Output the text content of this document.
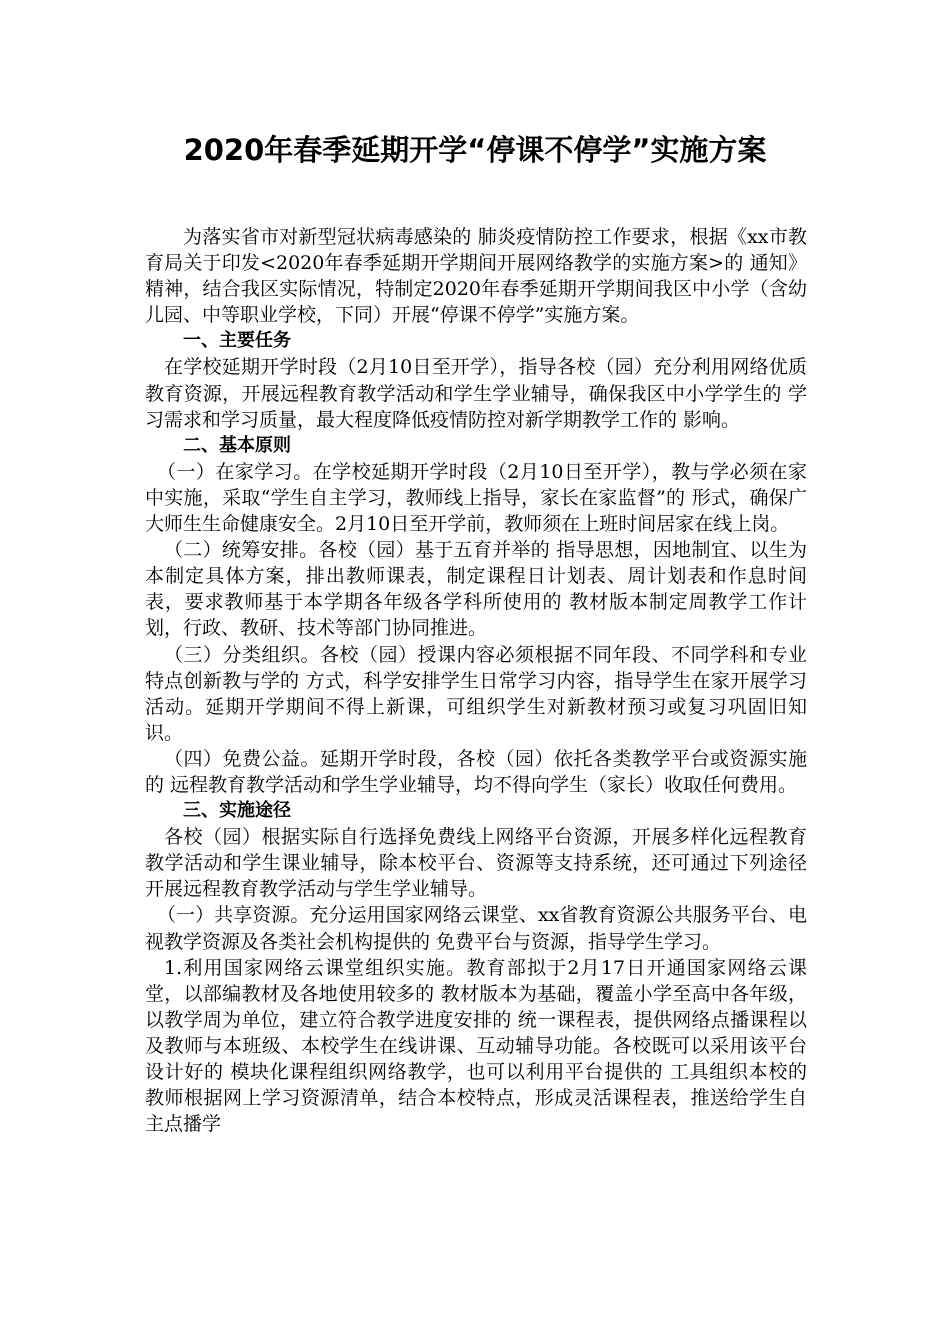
2020年春季延期开学“停课不停学”实施方案

为落实省市对新型冠状病毒感染的 肺炎疫情防控工作要求，根据《xx市教育局关于印发<2020年春季延期开学期间开展网络教学的实施方案>的 通知》精神，结合我区实际情况，特制定2020年春季延期开学期间我区中小学（含幼儿园、中等职业学校，下同）开展“停课不停学”实施方案。

一、主要任务

在学校延期开学时段（2月10日至开学），指导各校（园）充分利用网络优质教育资源，开展远程教育教学活动和学生学业辅导，确保我区中小学学生的 学习需求和学习质量，最大程度降低疫情防控对新学期教学工作的 影响。

二、基本原则

（一）在家学习。在学校延期开学时段（2月10日至开学），教与学必须在家中实施，采取“学生自主学习，教师线上指导，家长在家监督”的 形式，确保广大师生生命健康安全。2月10日至开学前，教师须在上班时间居家在线上岗。

（二）统筹安排。各校（园）基于五育并举的 指导思想，因地制宜、以生为本制定具体方案，排出教师课表，制定课程日计划表、周计划表和作息时间表，要求教师基于本学期各年级各学科所使用的 教材版本制定周教学工作计划，行政、教研、技术等部门协同推进。

（三）分类组织。各校（园）授课内容必须根据不同年段、不同学科和专业特点创新教与学的 方式，科学安排学生日常学习内容，指导学生在家开展学习活动。延期开学期间不得上新课，可组织学生对新教材预习或复习巩固旧知识。

（四）免费公益。延期开学时段，各校（园）依托各类教学平台或资源实施的 远程教育教学活动和学生学业辅导，均不得向学生（家长）收取任何费用。

三、实施途径

各校（园）根据实际自行选择免费线上网络平台资源，开展多样化远程教育教学活动和学生课业辅导，除本校平台、资源等支持系统，还可通过下列途径开展远程教育教学活动与学生学业辅导。

（一）共享资源。充分运用国家网络云课堂、xx省教育资源公共服务平台、电视教学资源及各类社会机构提供的 免费平台与资源，指导学生学习。

1.利用国家网络云课堂组织实施。教育部拟于2月17日开通国家网络云课堂，以部编教材及各地使用较多的 教材版本为基础，覆盖小学至高中各年级，以教学周为单位，建立符合教学进度安排的 统一课程表，提供网络点播课程以及教师与本班级、本校学生在线讲课、互动辅导功能。各校既可以采用该平台设计好的 模块化课程组织网络教学，也可以利用平台提供的 工具组织本校的 教师根据网上学习资源清单，结合本校特点，形成灵活课程表，推送给学生自主点播学
